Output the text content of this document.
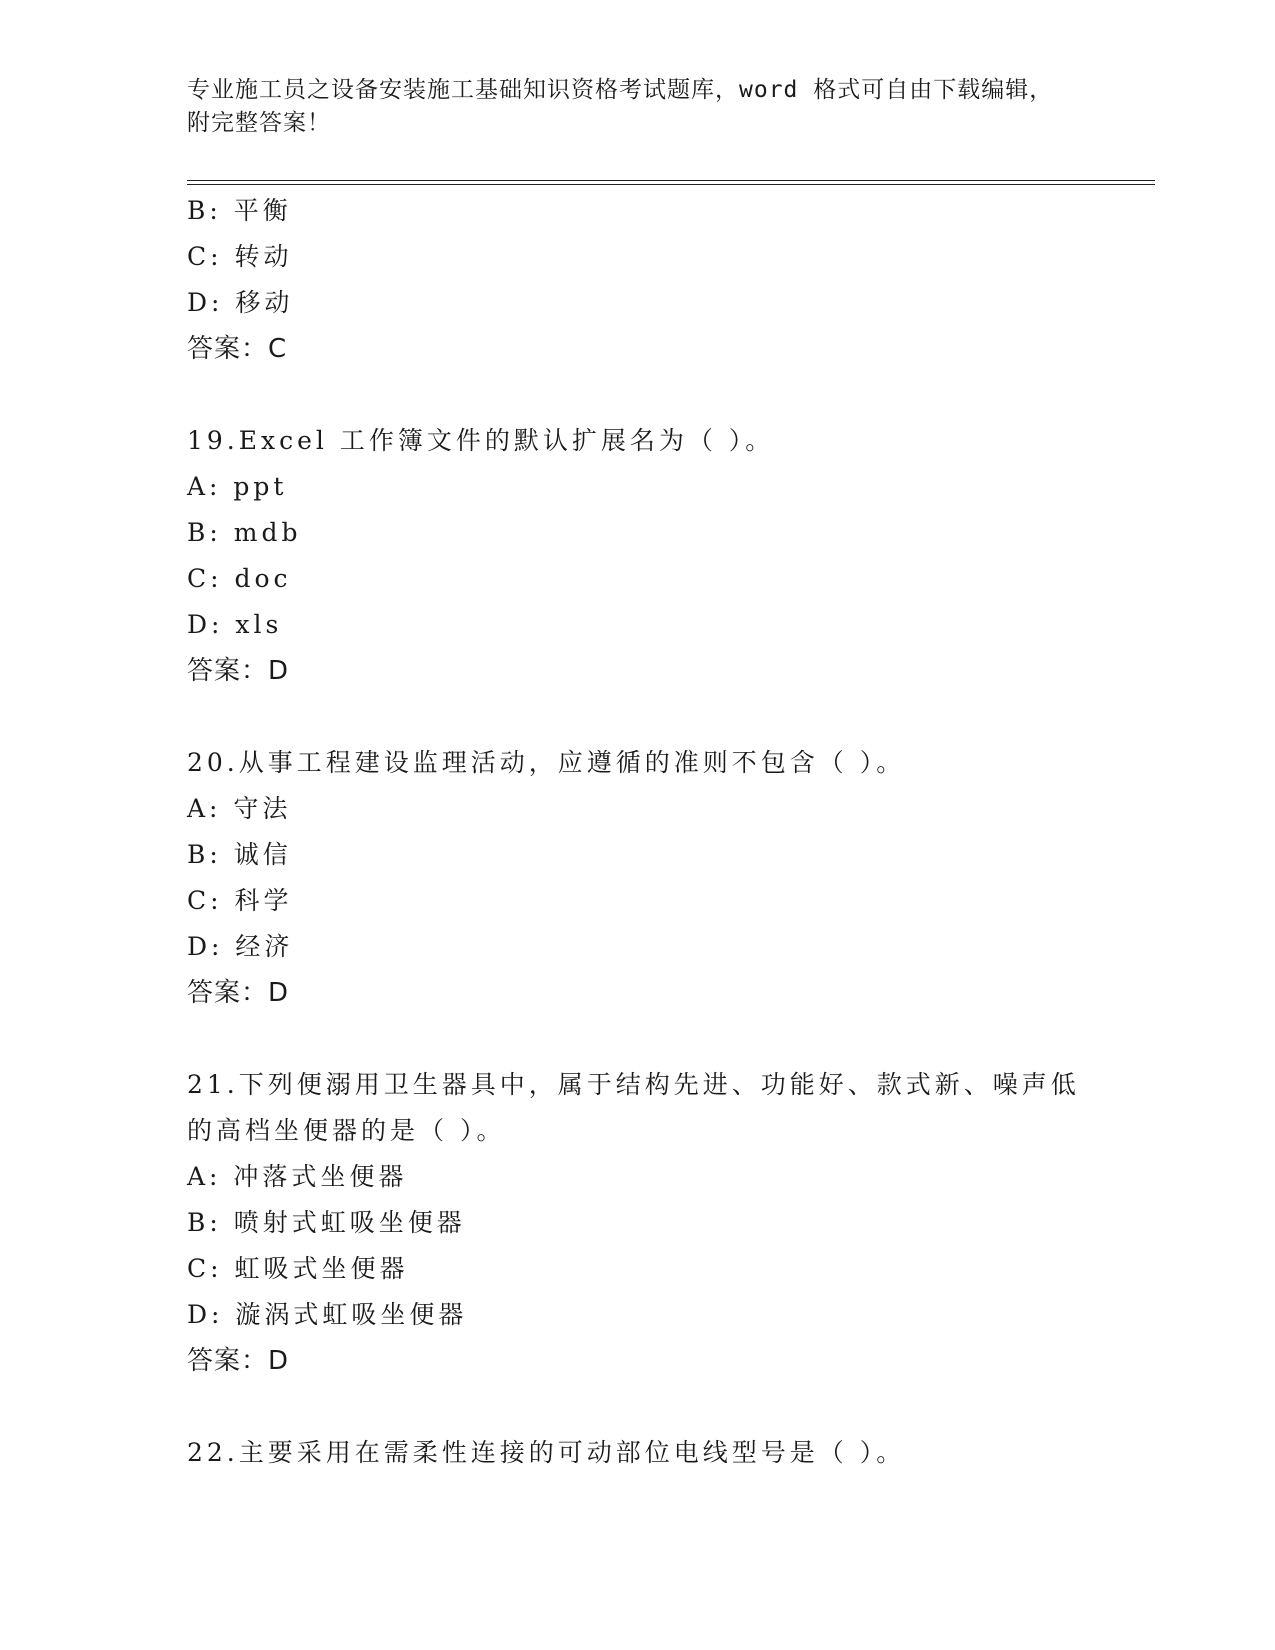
专业施工员之设备安装施工基础知识资格考试题库，word 格式可自由下载编辑，
附完整答案！
B: 平衡
C: 转动
D: 移动
答案：C
19.Excel 工作簿文件的默认扩展名为（ ）。
A: ppt
B: mdb
C: doc
D: xls
答案：D
20.从事工程建设监理活动，应遵循的准则不包含（ ）。
A: 守法
B: 诚信
C: 科学
D: 经济
答案：D
21.下列便溺用卫生器具中，属于结构先进、功能好、款式新、噪声低
的高档坐便器的是（ ）。
A: 冲落式坐便器
B: 喷射式虹吸坐便器
C: 虹吸式坐便器
D: 漩涡式虹吸坐便器
答案：D
22.主要采用在需柔性连接的可动部位电线型号是（ ）。
